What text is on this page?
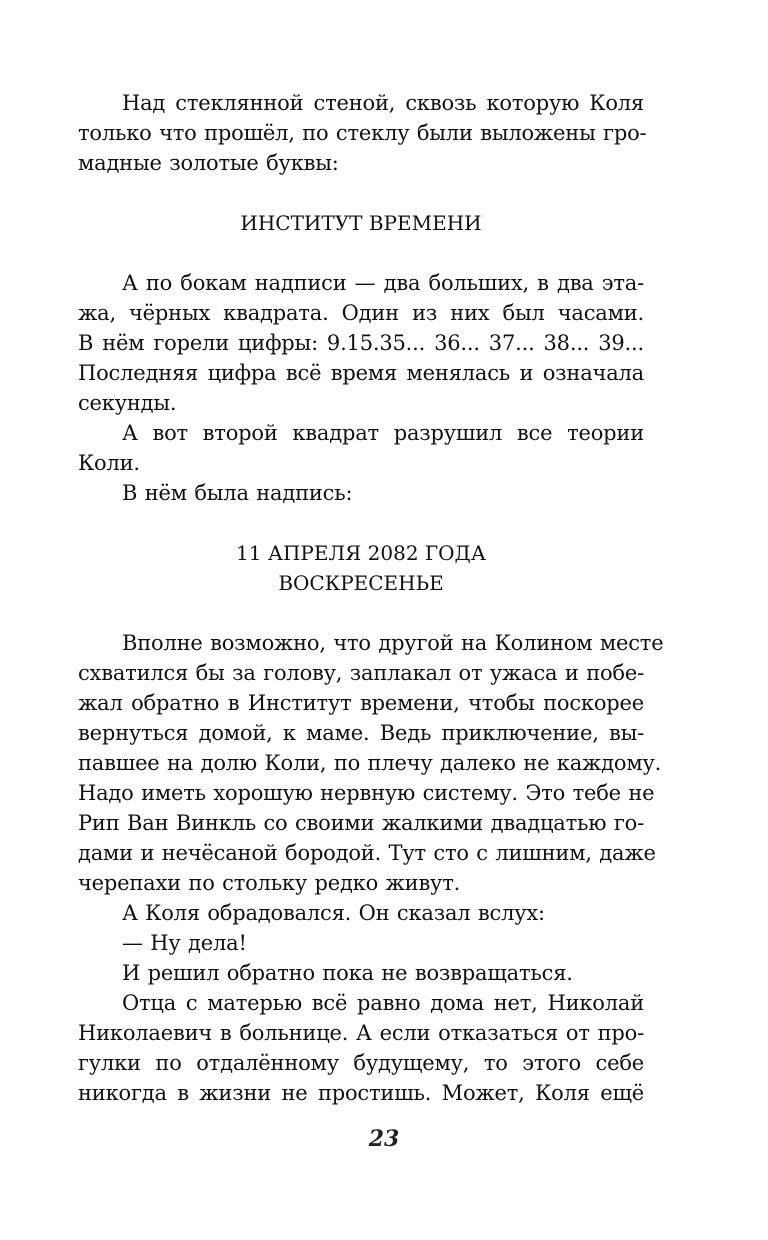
Над стеклянной стеной, сквозь которую Коля
только что прошёл, по стеклу были выложены гро-
мадные золотые буквы:
ИНСТИТУТ ВРЕМЕНИ
А по бокам надписи — два больших, в два эта-
жа, чёрных квадрата. Один из них был часами.
В нём горели цифры: 9.15.35... 36... 37... 38... 39...
Последняя цифра всё время менялась и означала
секунды.
А вот второй квадрат разрушил все теории
Коли.
В нём была надпись:
11 АПРЕЛЯ 2082 ГОДА
ВОСКРЕСЕНЬЕ
Вполне возможно, что другой на Колином месте
схватился бы за голову, заплакал от ужаса и побе-
жал обратно в Институт времени, чтобы поскорее
вернуться домой, к маме. Ведь приключение, вы-
павшее на долю Коли, по плечу далеко не каждому.
Надо иметь хорошую нервную систему. Это тебе не
Рип Ван Винкль со своими жалкими двадцатью го-
дами и нечёсаной бородой. Тут сто с лишним, даже
черепахи по стольку редко живут.
А Коля обрадовался. Он сказал вслух:
— Ну дела!
И решил обратно пока не возвращаться.
Отца с матерью всё равно дома нет, Николай
Николаевич в больнице. А если отказаться от про-
гулки по отдалённому будущему, то этого себе
никогда в жизни не простишь. Может, Коля ещё
23
